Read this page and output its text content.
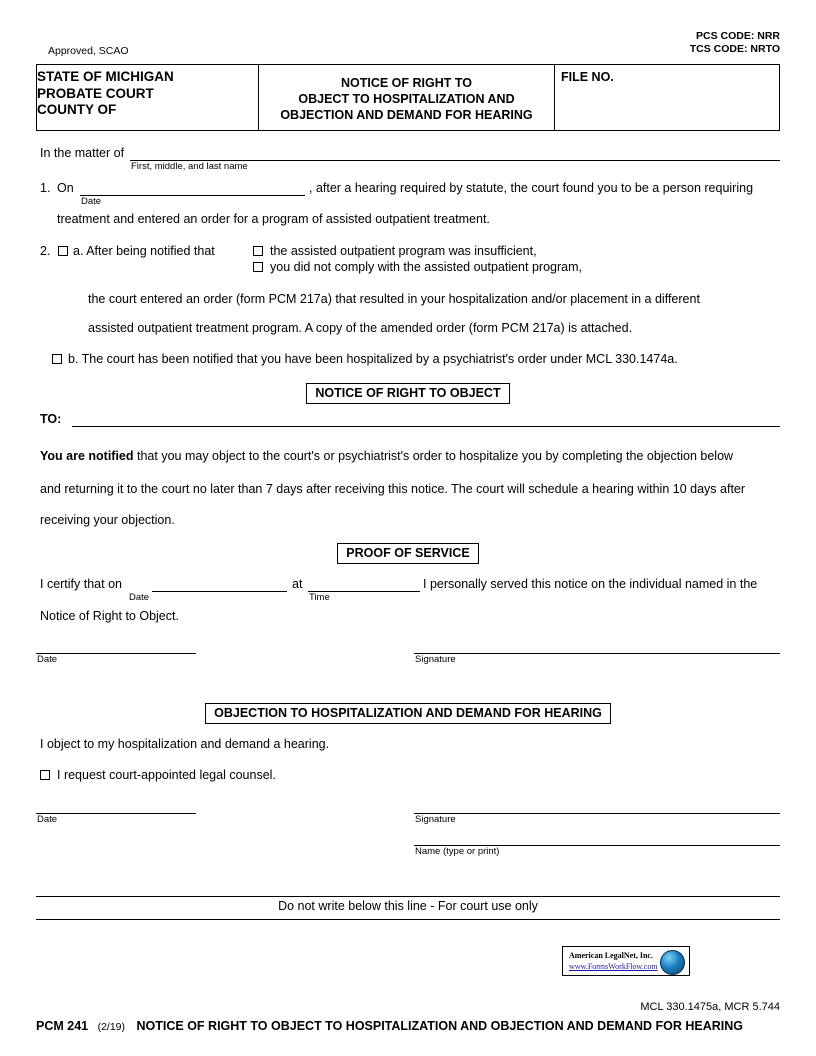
PCS CODE: NRR
TCS CODE: NRTO
Approved, SCAO
STATE OF MICHIGAN
PROBATE COURT
COUNTY OF
NOTICE OF RIGHT TO
OBJECT TO HOSPITALIZATION AND
OBJECTION AND DEMAND FOR HEARING
FILE NO.
In the matter of
First, middle, and last name
1. On
Date
, after a hearing required by statute, the court found you to be a person requiring
treatment and entered an order for a program of assisted outpatient treatment.
2. a. After being notified that	the assisted outpatient program was insufficient,
you did not comply with the assisted outpatient program,
the court entered an order (form PCM 217a) that resulted in your hospitalization and/or placement in a different
assisted outpatient treatment program. A copy of the amended order (form PCM 217a) is attached.
b. The court has been notified that you have been hospitalized by a psychiatrist's order under MCL 330.1474a.
NOTICE OF RIGHT TO OBJECT
TO:
You are notified that you may object to the court's or psychiatrist's order to hospitalize you by completing the objection below
and returning it to the court no later than 7 days after receiving this notice. The court will schedule a hearing within 10 days after
receiving your objection.
PROOF OF SERVICE
I certify that on
Date
at
Time
I personally served this notice on the individual named in the
Notice of Right to Object.
Date	Signature
OBJECTION TO HOSPITALIZATION AND DEMAND FOR HEARING
I object to my hospitalization and demand a hearing.
I request court-appointed legal counsel.
Date	Signature
Name (type or print)
Do not write below this line - For court use only
American LegalNet, Inc.
www.FormsWorkFlow.com
MCL 330.1475a, MCR 5.744
PCM 241 (2/19) NOTICE OF RIGHT TO OBJECT TO HOSPITALIZATION AND OBJECTION AND DEMAND FOR HEARING
